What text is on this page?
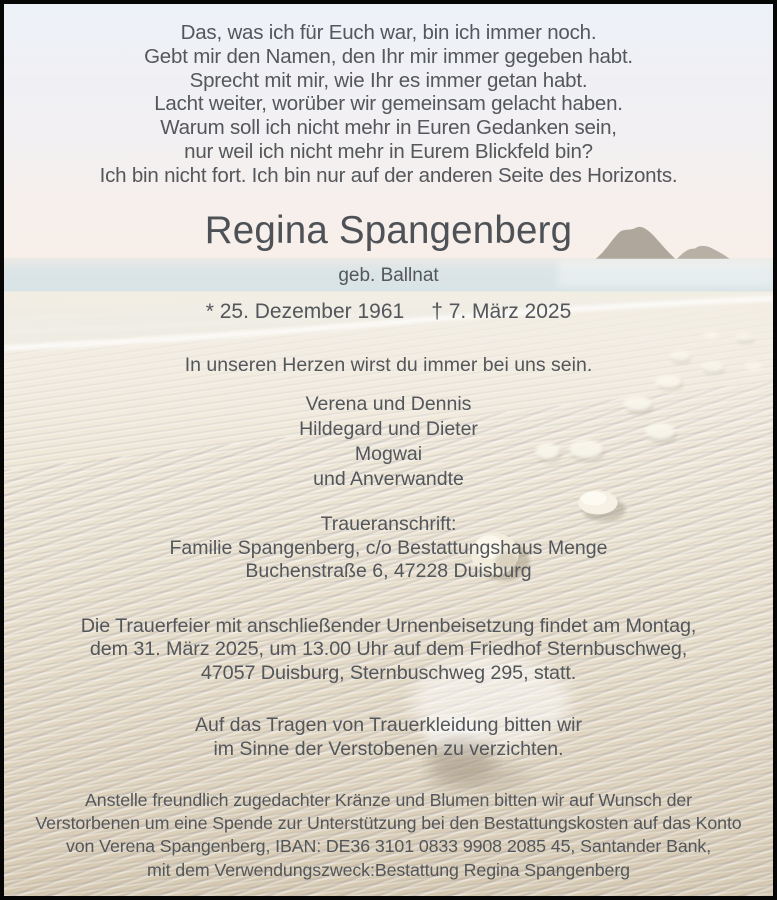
Das, was ich für Euch war, bin ich immer noch.
Gebt mir den Namen, den Ihr mir immer gegeben habt.
Sprecht mit mir, wie Ihr es immer getan habt.
Lacht weiter, worüber wir gemeinsam gelacht haben.
Warum soll ich nicht mehr in Euren Gedanken sein,
nur weil ich nicht mehr in Eurem Blickfeld bin?
Ich bin nicht fort. Ich bin nur auf der anderen Seite des Horizonts.
Regina Spangenberg
geb. Ballnat
* 25. Dezember 1961 † 7. März 2025
In unseren Herzen wirst du immer bei uns sein.
Verena und Dennis
Hildegard und Dieter
Mogwai
und Anverwandte
Traueranschrift:
Familie Spangenberg, c/o Bestattungshaus Menge
Buchenstraße 6, 47228 Duisburg
Die Trauerfeier mit anschließender Urnenbeisetzung findet am Montag,
dem 31. März 2025, um 13.00 Uhr auf dem Friedhof Sternbuschweg,
47057 Duisburg, Sternbuschweg 295, statt.
Auf das Tragen von Trauerkleidung bitten wir
im Sinne der Verstobenen zu verzichten.
Anstelle freundlich zugedachter Kränze und Blumen bitten wir auf Wunsch der
Verstorbenen um eine Spende zur Unterstützung bei den Bestattungskosten auf das Konto
von Verena Spangenberg, IBAN: DE36 3101 0833 9908 2085 45, Santander Bank,
mit dem Verwendungszweck:Bestattung Regina Spangenberg
